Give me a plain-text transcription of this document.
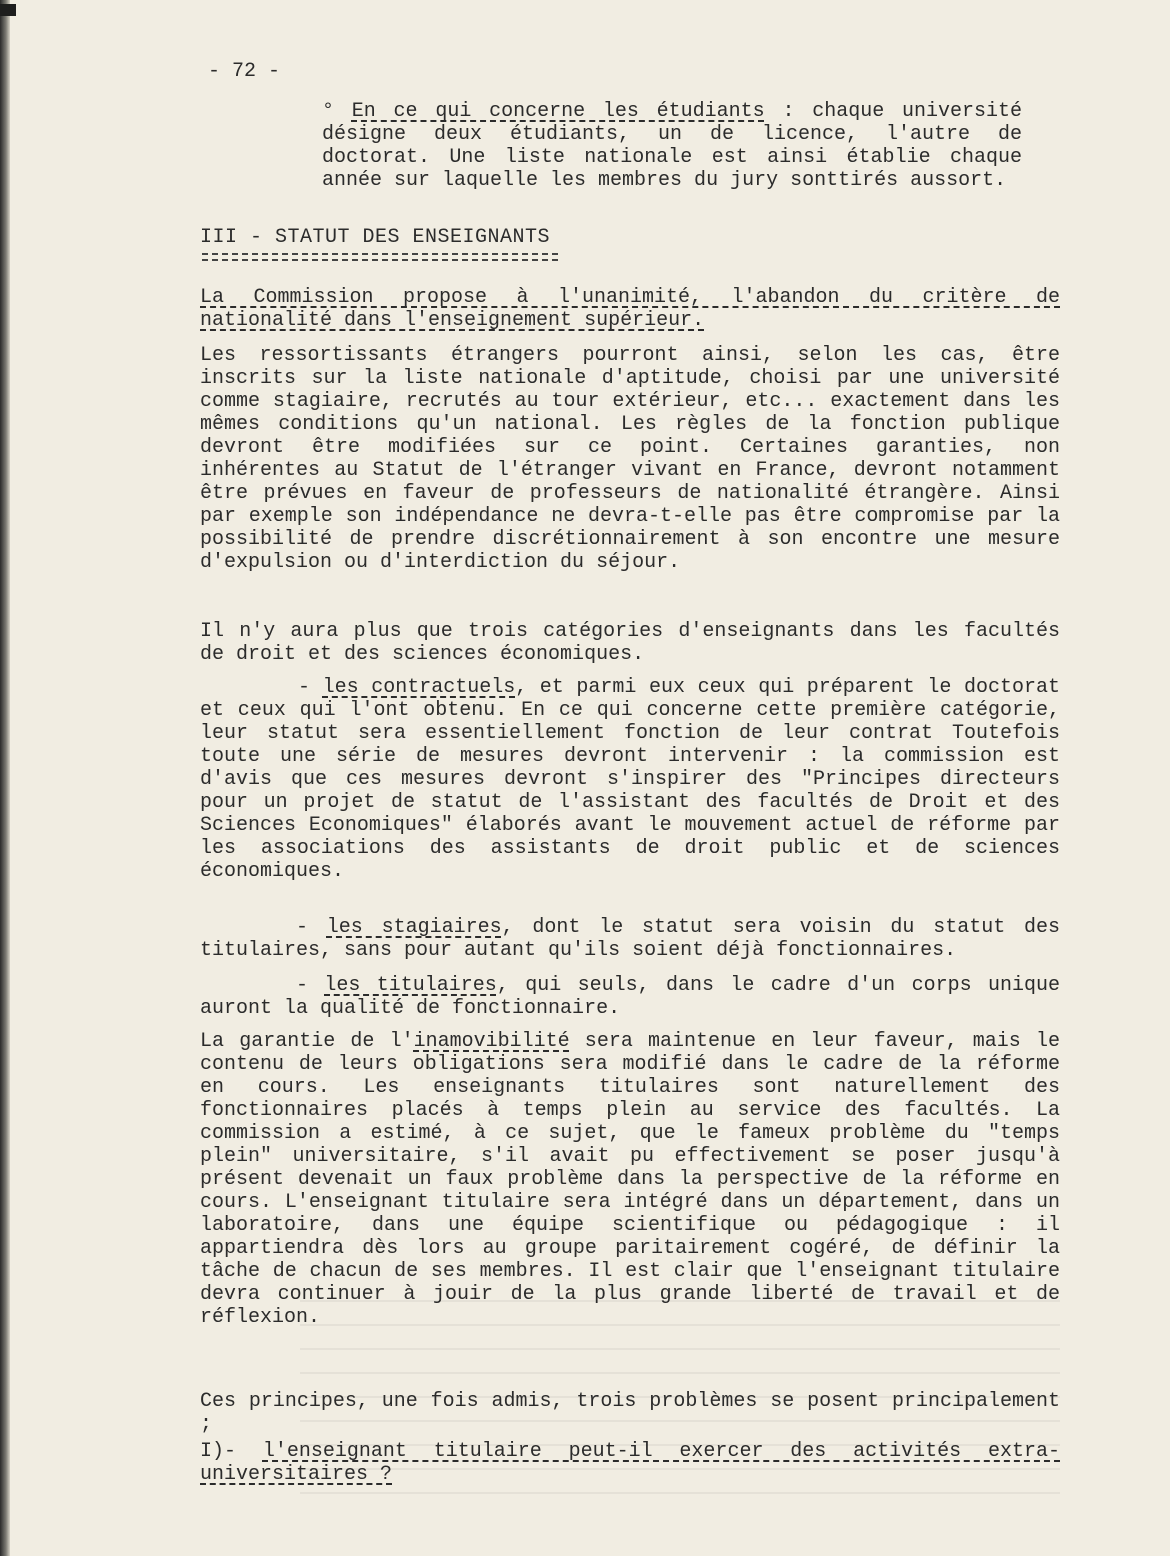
- 72 -

° En ce qui concerne les étudiants : chaque université désigne deux étudiants, un de licence, l'autre de doctorat. Une liste nationale est ainsi établie chaque année sur laquelle les membres du jury sonttirés aussort.

III - STATUT DES ENSEIGNANTS

La Commission propose à l'unanimité, l'abandon du critère de nationalité dans l'enseignement supérieur.

Les ressortissants étrangers pourront ainsi, selon les cas, être inscrits sur la liste nationale d'aptitude, choisi par une université comme stagiaire, recrutés au tour extérieur, etc... exactement dans les mêmes conditions qu'un national. Les règles de la fonction publique devront être modifiées sur ce point. Certaines garanties, non inhérentes au Statut de l'étranger vivant en France, devront notamment être prévues en faveur de professeurs de nationalité étrangère. Ainsi par exemple son indépendance ne devra-t-elle pas être compromise par la possibilité de prendre discrétionnairement à son encontre une mesure d'expulsion ou d'interdiction du séjour.

Il n'y aura plus que trois catégories d'enseignants dans les facultés de droit et des sciences économiques.

- les contractuels, et parmi eux ceux qui préparent le doctorat et ceux qui l'ont obtenu. En ce qui concerne cette première catégorie, leur statut sera essentiellement fonction de leur contrat Toutefois toute une série de mesures devront intervenir : la commission est d'avis que ces mesures devront s'inspirer des "Principes directeurs pour un projet de statut de l'assistant des facultés de Droit et des Sciences Economiques" élaborés avant le mouvement actuel de réforme par les associations des assistants de droit public et de sciences économiques.

- les stagiaires, dont le statut sera voisin du statut des titulaires, sans pour autant qu'ils soient déjà fonctionnaires.

- les titulaires, qui seuls, dans le cadre d'un corps unique auront la qualité de fonctionnaire.

La garantie de l'inamovibilité sera maintenue en leur faveur, mais le contenu de leurs obligations sera modifié dans le cadre de la réforme en cours. Les enseignants titulaires sont naturellement des fonctionnaires placés à temps plein au service des facultés. La commission a estimé, à ce sujet, que le fameux problème du "temps plein" universitaire, s'il avait pu effectivement se poser jusqu'à présent devenait un faux problème dans la perspective de la réforme en cours. L'enseignant titulaire sera intégré dans un département, dans un laboratoire, dans une équipe scientifique ou pédagogique : il appartiendra dès lors au groupe paritairement cogéré, de définir la tâche de chacun de ses membres. Il est clair que l'enseignant titulaire devra continuer à jouir de la plus grande liberté de travail et de réflexion.

Ces principes, une fois admis, trois problèmes se posent principalement ;

I)- l'enseignant titulaire peut-il exercer des activités extra-universitaires ?
